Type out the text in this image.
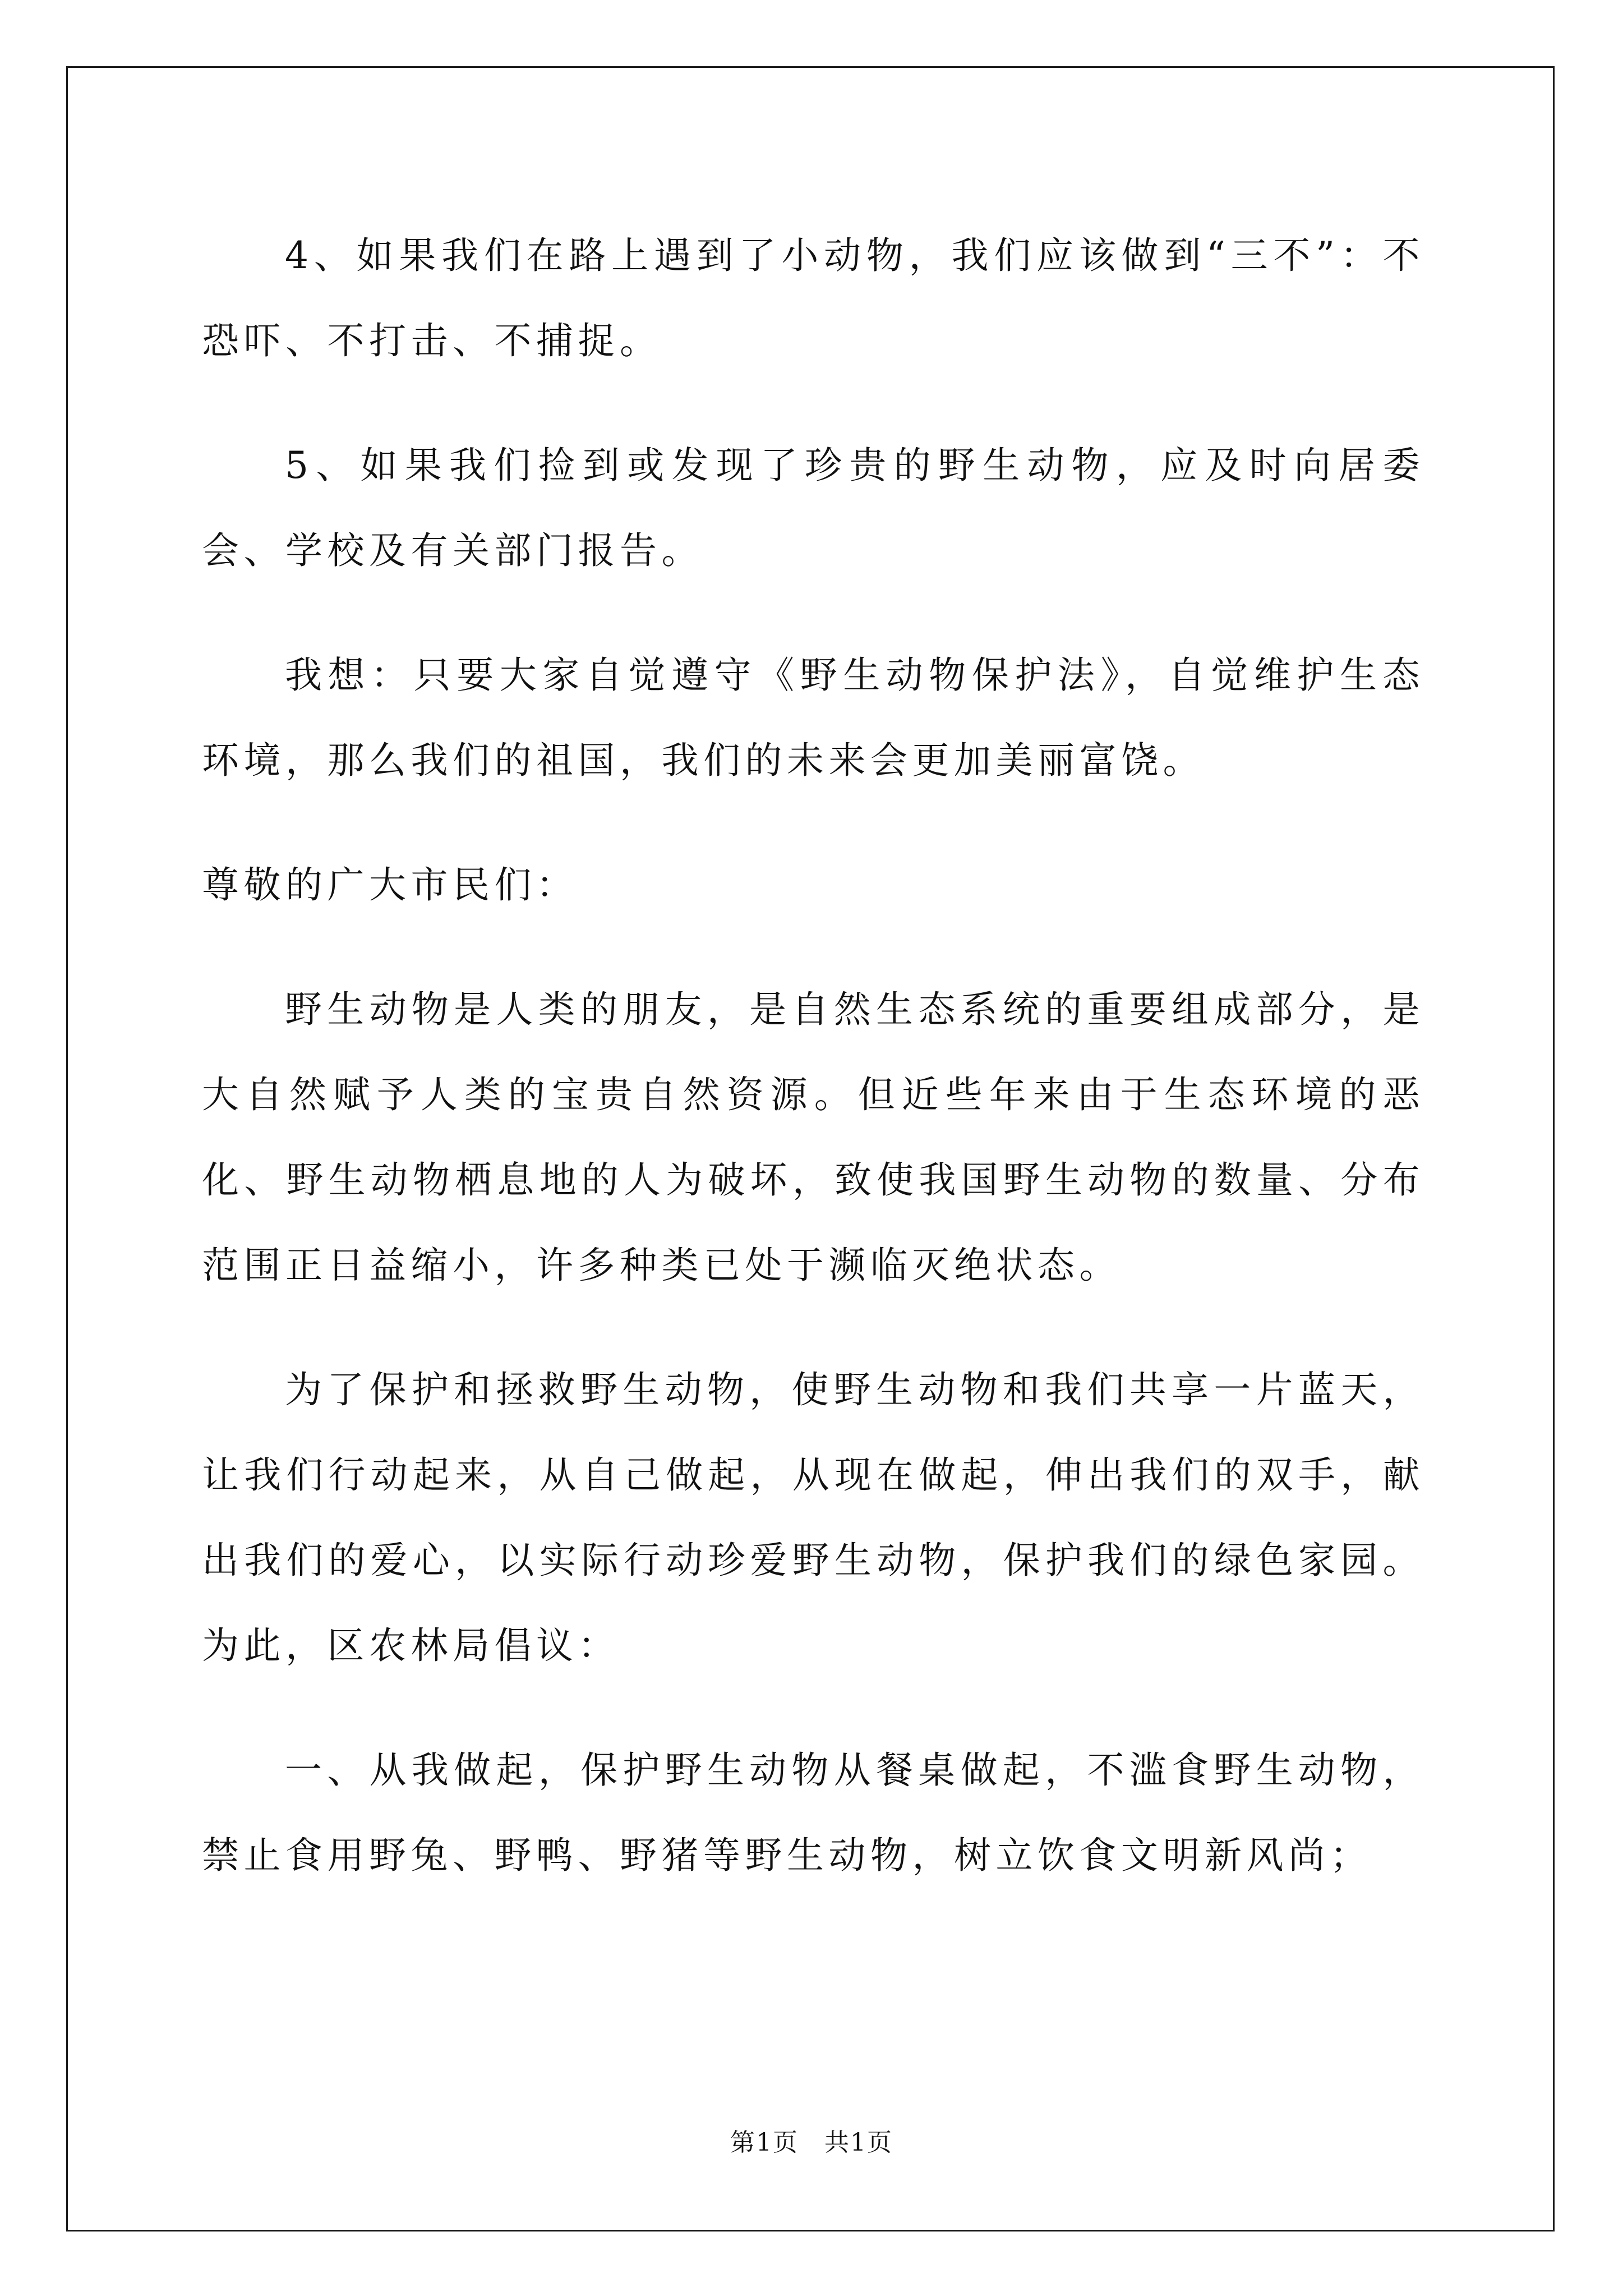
4、如果我们在路上遇到了小动物，我们应该做到“三不”：不恐吓、不打击、不捕捉。

5、如果我们捡到或发现了珍贵的野生动物，应及时向居委会、学校及有关部门报告。

我想：只要大家自觉遵守《野生动物保护法》，自觉维护生态环境，那么我们的祖国，我们的未来会更加美丽富饶。

尊敬的广大市民们：

野生动物是人类的朋友，是自然生态系统的重要组成部分，是大自然赋予人类的宝贵自然资源。但近些年来由于生态环境的恶化、野生动物栖息地的人为破坏，致使我国野生动物的数量、分布范围正日益缩小，许多种类已处于濒临灭绝状态。

为了保护和拯救野生动物，使野生动物和我们共享一片蓝天，让我们行动起来，从自己做起，从现在做起，伸出我们的双手，献出我们的爱心，以实际行动珍爱野生动物，保护我们的绿色家园。为此，区农林局倡议：

一、从我做起，保护野生动物从餐桌做起，不滥食野生动物，禁止食用野兔、野鸭、野猪等野生动物，树立饮食文明新风尚；

第1页　共1页
